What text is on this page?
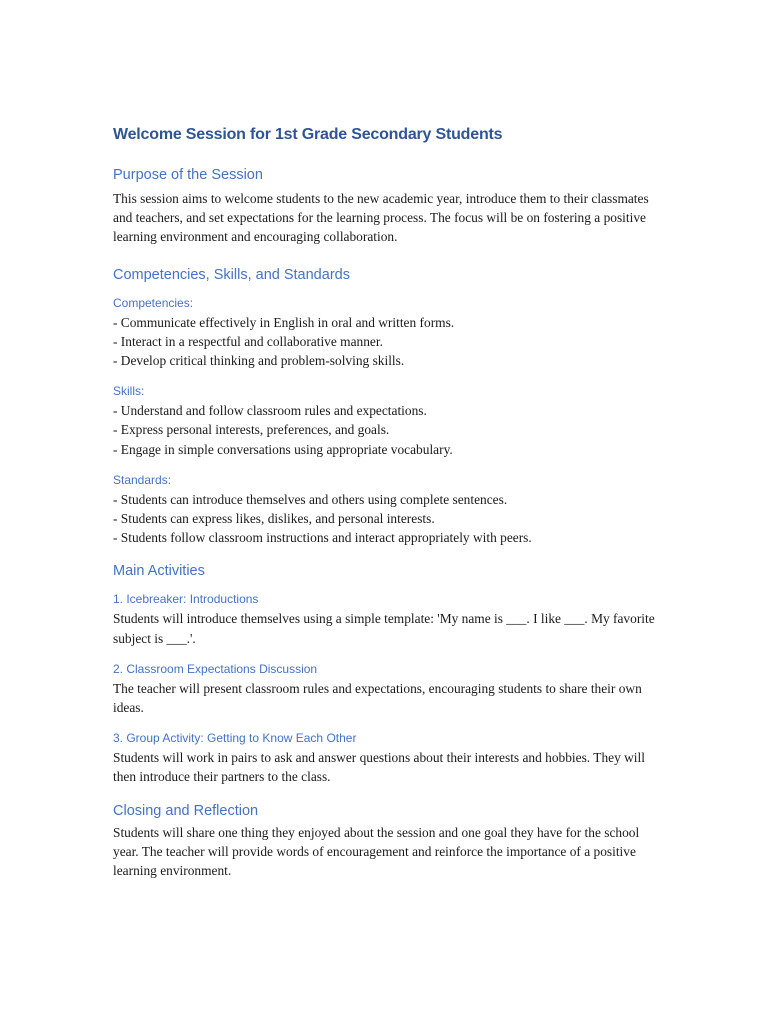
Welcome Session for 1st Grade Secondary Students
Purpose of the Session

This session aims to welcome students to the new academic year, introduce them to their classmates and teachers, and set expectations for the learning process. The focus will be on fostering a positive learning environment and encouraging collaboration.

Competencies, Skills, and Standards
Competencies:
- Communicate effectively in English in oral and written forms.
- Interact in a respectful and collaborative manner.
- Develop critical thinking and problem-solving skills.
Skills:
- Understand and follow classroom rules and expectations.
- Express personal interests, preferences, and goals.
- Engage in simple conversations using appropriate vocabulary.
Standards:
- Students can introduce themselves and others using complete sentences.
- Students can express likes, dislikes, and personal interests.
- Students follow classroom instructions and interact appropriately with peers.
Main Activities
1. Icebreaker: Introductions

Students will introduce themselves using a simple template: 'My name is ___. I like ___. My favorite subject is ___.'.

2. Classroom Expectations Discussion

The teacher will present classroom rules and expectations, encouraging students to share their own ideas.

3. Group Activity: Getting to Know Each Other

Students will work in pairs to ask and answer questions about their interests and hobbies. They will then introduce their partners to the class.

Closing and Reflection

Students will share one thing they enjoyed about the session and one goal they have for the school year. The teacher will provide words of encouragement and reinforce the importance of a positive learning environment.
